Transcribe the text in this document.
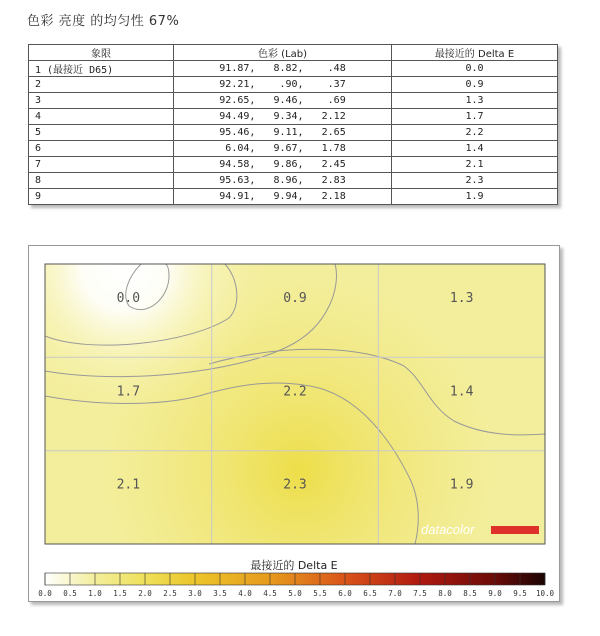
色彩 亮度 的均匀性 67%
象限	色彩 (Lab)	最接近的 Delta E
1 (最接近 D65)	91.87,   8.82,    .48	0.0
2	92.21,    .90,    .37	0.9
3	92.65,   9.46,    .69	1.3
4	94.49,   9.34,   2.12	1.7
5	95.46,   9.11,   2.65	2.2
6	6.04,   9.67,   1.78	1.4
7	94.58,   9.86,   2.45	2.1
8	95.63,   8.96,   2.83	2.3
9	94.91,   9.94,   2.18	1.9
0.0	0.9	1.3
1.7	2.2	1.4
2.1	2.3	1.9
datacolor
0.0 0.5 1.0 1.5 2.0 2.5 3.0 3.5 4.0 4.5 5.0 5.5 6.0 6.5 7.0 7.5 8.0 8.5 9.0 9.5 10.0
最接近的 Delta E
